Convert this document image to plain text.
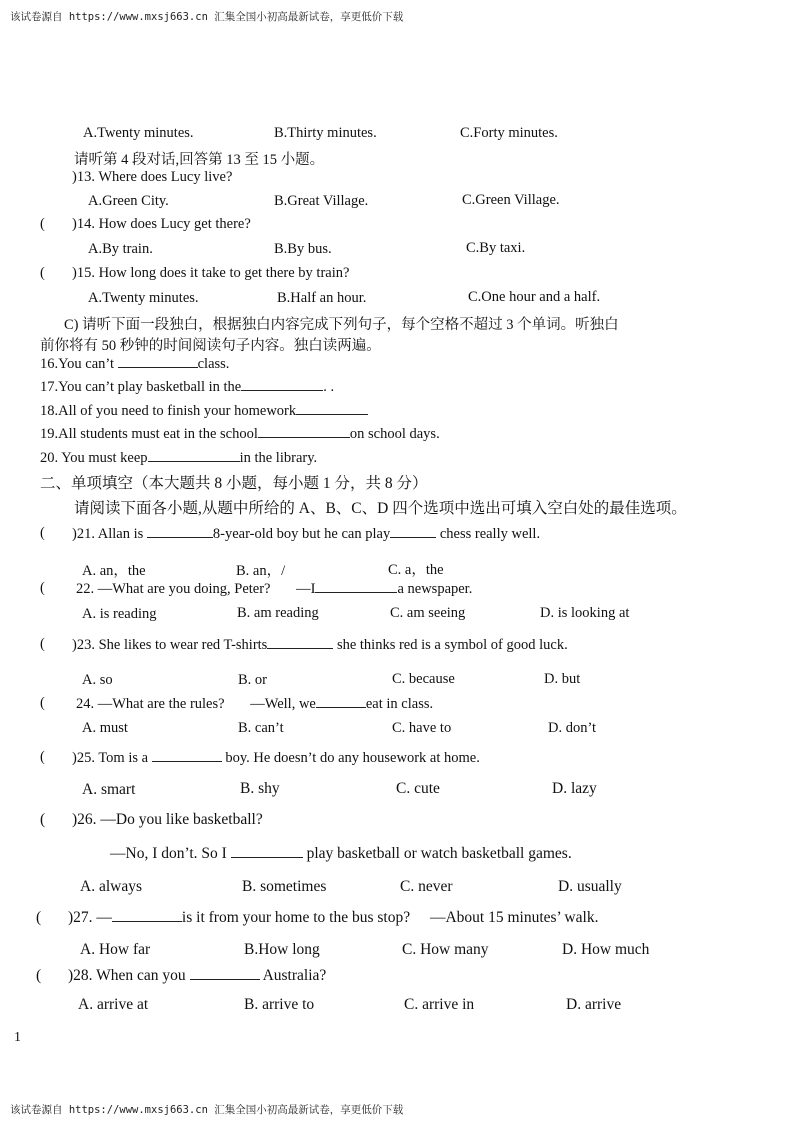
该试卷源自 https://www.mxsj663.cn 汇集全国小初高最新试卷，享更低价下载
A.Twenty minutes.	B.Thirty minutes.	C.Forty minutes.
请听第 4 段对话,回答第 13 至 15 小题。
)13. Where does Lucy live?
A.Green City.	B.Great Village.	C.Green Village.
( )14. How does Lucy get there?
A.By train.	B.By bus.	C.By taxi.
( )15. How long does it take to get there by train?
A.Twenty minutes.	B.Half an hour.	C.One hour and a half.
C) 请听下面一段独白，根据独白内容完成下列句子，每个空格不超过 3 个单词。听独白
前你将有 50 秒钟的时间阅读句子内容。独白读两遍。
16.You can’t	class.
17.You can’t play basketball in the	. .
18.All of you need to finish your homework
19.All students must eat in the school	on school days.
20. You must keep	in the library.
二、单项填空（本大题共 8 小题，每小题 1 分，共 8 分）
请阅读下面各小题,从题中所给的 A、B、C、D 四个选项中选出可填入空白处的最佳选项。
( )21. Allan is	8-year-old boy but he can play	chess really well.
A. an，the	B. an，/	C. a，the
( 22. —What are you doing, Peter? —I	a newspaper.
A. is reading	B. am reading	C. am seeing	D. is looking at
( )23. She likes to wear red T-shirts	she thinks red is a symbol of good luck.
A. so	B. or	C. because	D. but
( 24. —What are the rules? —Well, we	eat in class.
A. must	B. can’t	C. have to	D. don’t
( )25. Tom is a	boy. He doesn’t do any housework at home.
A. smart	B. shy	C. cute	D. lazy
( )26. —Do you like basketball?
—No, I don’t. So I	play basketball or watch basketball games.
A. always	B. sometimes	C. never	D. usually
( )27. —	is it from your home to the bus stop? —About 15 minutes’ walk.
A. How far	B.How long	C. How many	D. How much
( )28. When can you	Australia?
A. arrive at	B. arrive to	C. arrive in	D. arrive
1
该试卷源自 https://www.mxsj663.cn 汇集全国小初高最新试卷，享更低价下载
